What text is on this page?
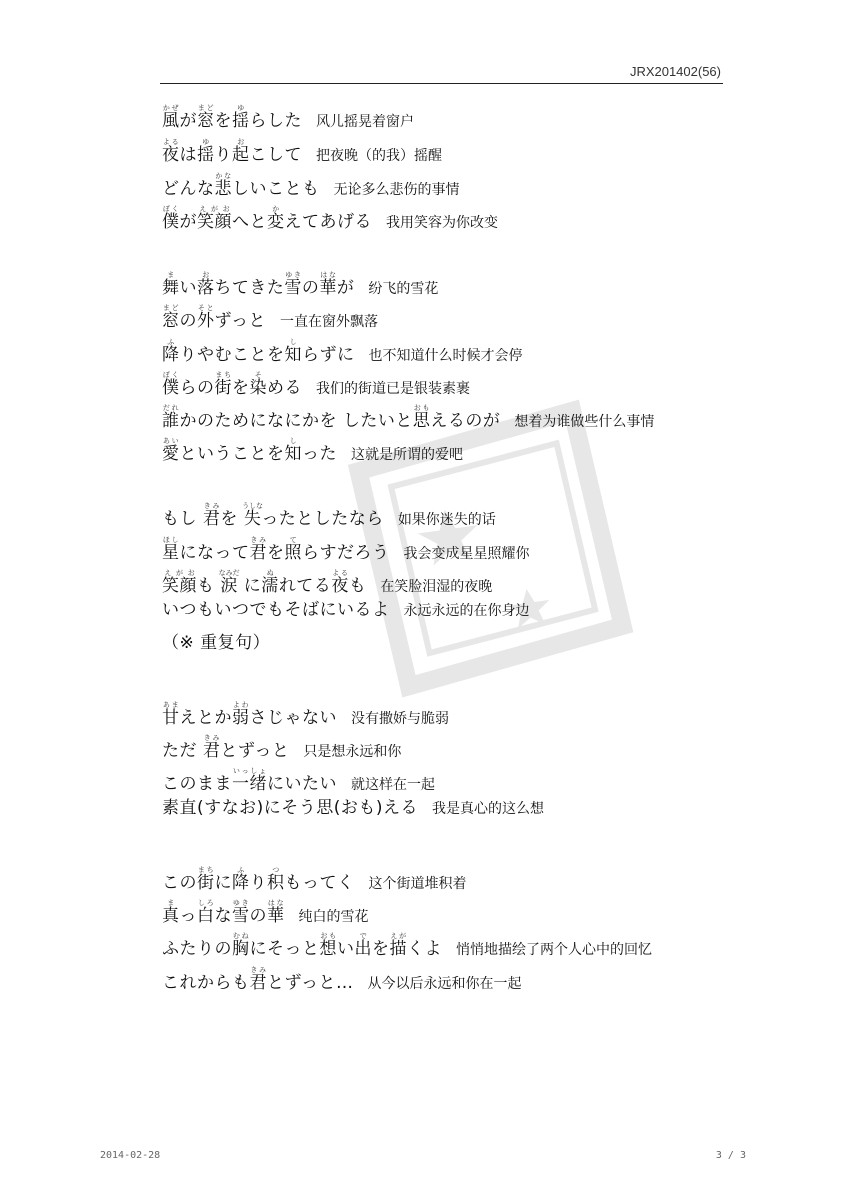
JRX201402(56)
風かぜが窓まどを揺ゆらした 风儿摇晃着窗户
夜よるは揺ゆり起おこして 把夜晚（的我）摇醒
どんな悲かなしいことも 无论多么悲伤的事情
僕ぼくが笑顔えがおへと変かえてあげる 我用笑容为你改变
舞まい落おちてきた雪ゆきの華はなが 纷飞的雪花
窓まどの外そとずっと 一直在窗外飘落
降ふりやむことを知しらずに 也不知道什么时候才会停
僕ぼくらの街まちを染そめる 我们的街道已是银装素裹
誰だれかのためになにかを したいと思おもえるのが 想着为谁做些什么事情
愛あいということを知しった 这就是所谓的爱吧
もし 君きみを 失うしなったとしたなら 如果你迷失的话
星ほしになって君きみを照てらすだろう 我会变成星星照耀你
笑顔えがおも 涙なみだ に濡ぬれてる夜よるも 在笑脸泪湿的夜晚
いつもいつでもそばにいるよ 永远永远的在你身边
（※ 重复句）
甘あまえとか弱よわさじゃない 没有撒娇与脆弱
ただ 君きみとずっと 只是想永远和你
このまま一绪いっしょにいたい 就这样在一起
素直(すなお)にそう思(おも)える 我是真心的这么想
この街まちに降ふり积つもってく 这个街道堆积着
真まっ白しろな雪ゆきの華はな纯白的雪花
ふたりの胸むねにそっと想おもい出でを描えがくよ 悄悄地描绘了两个人心中的回忆
これからも君きみとずっと… 从今以后永远和你在一起
2014-02-28	3 / 3
